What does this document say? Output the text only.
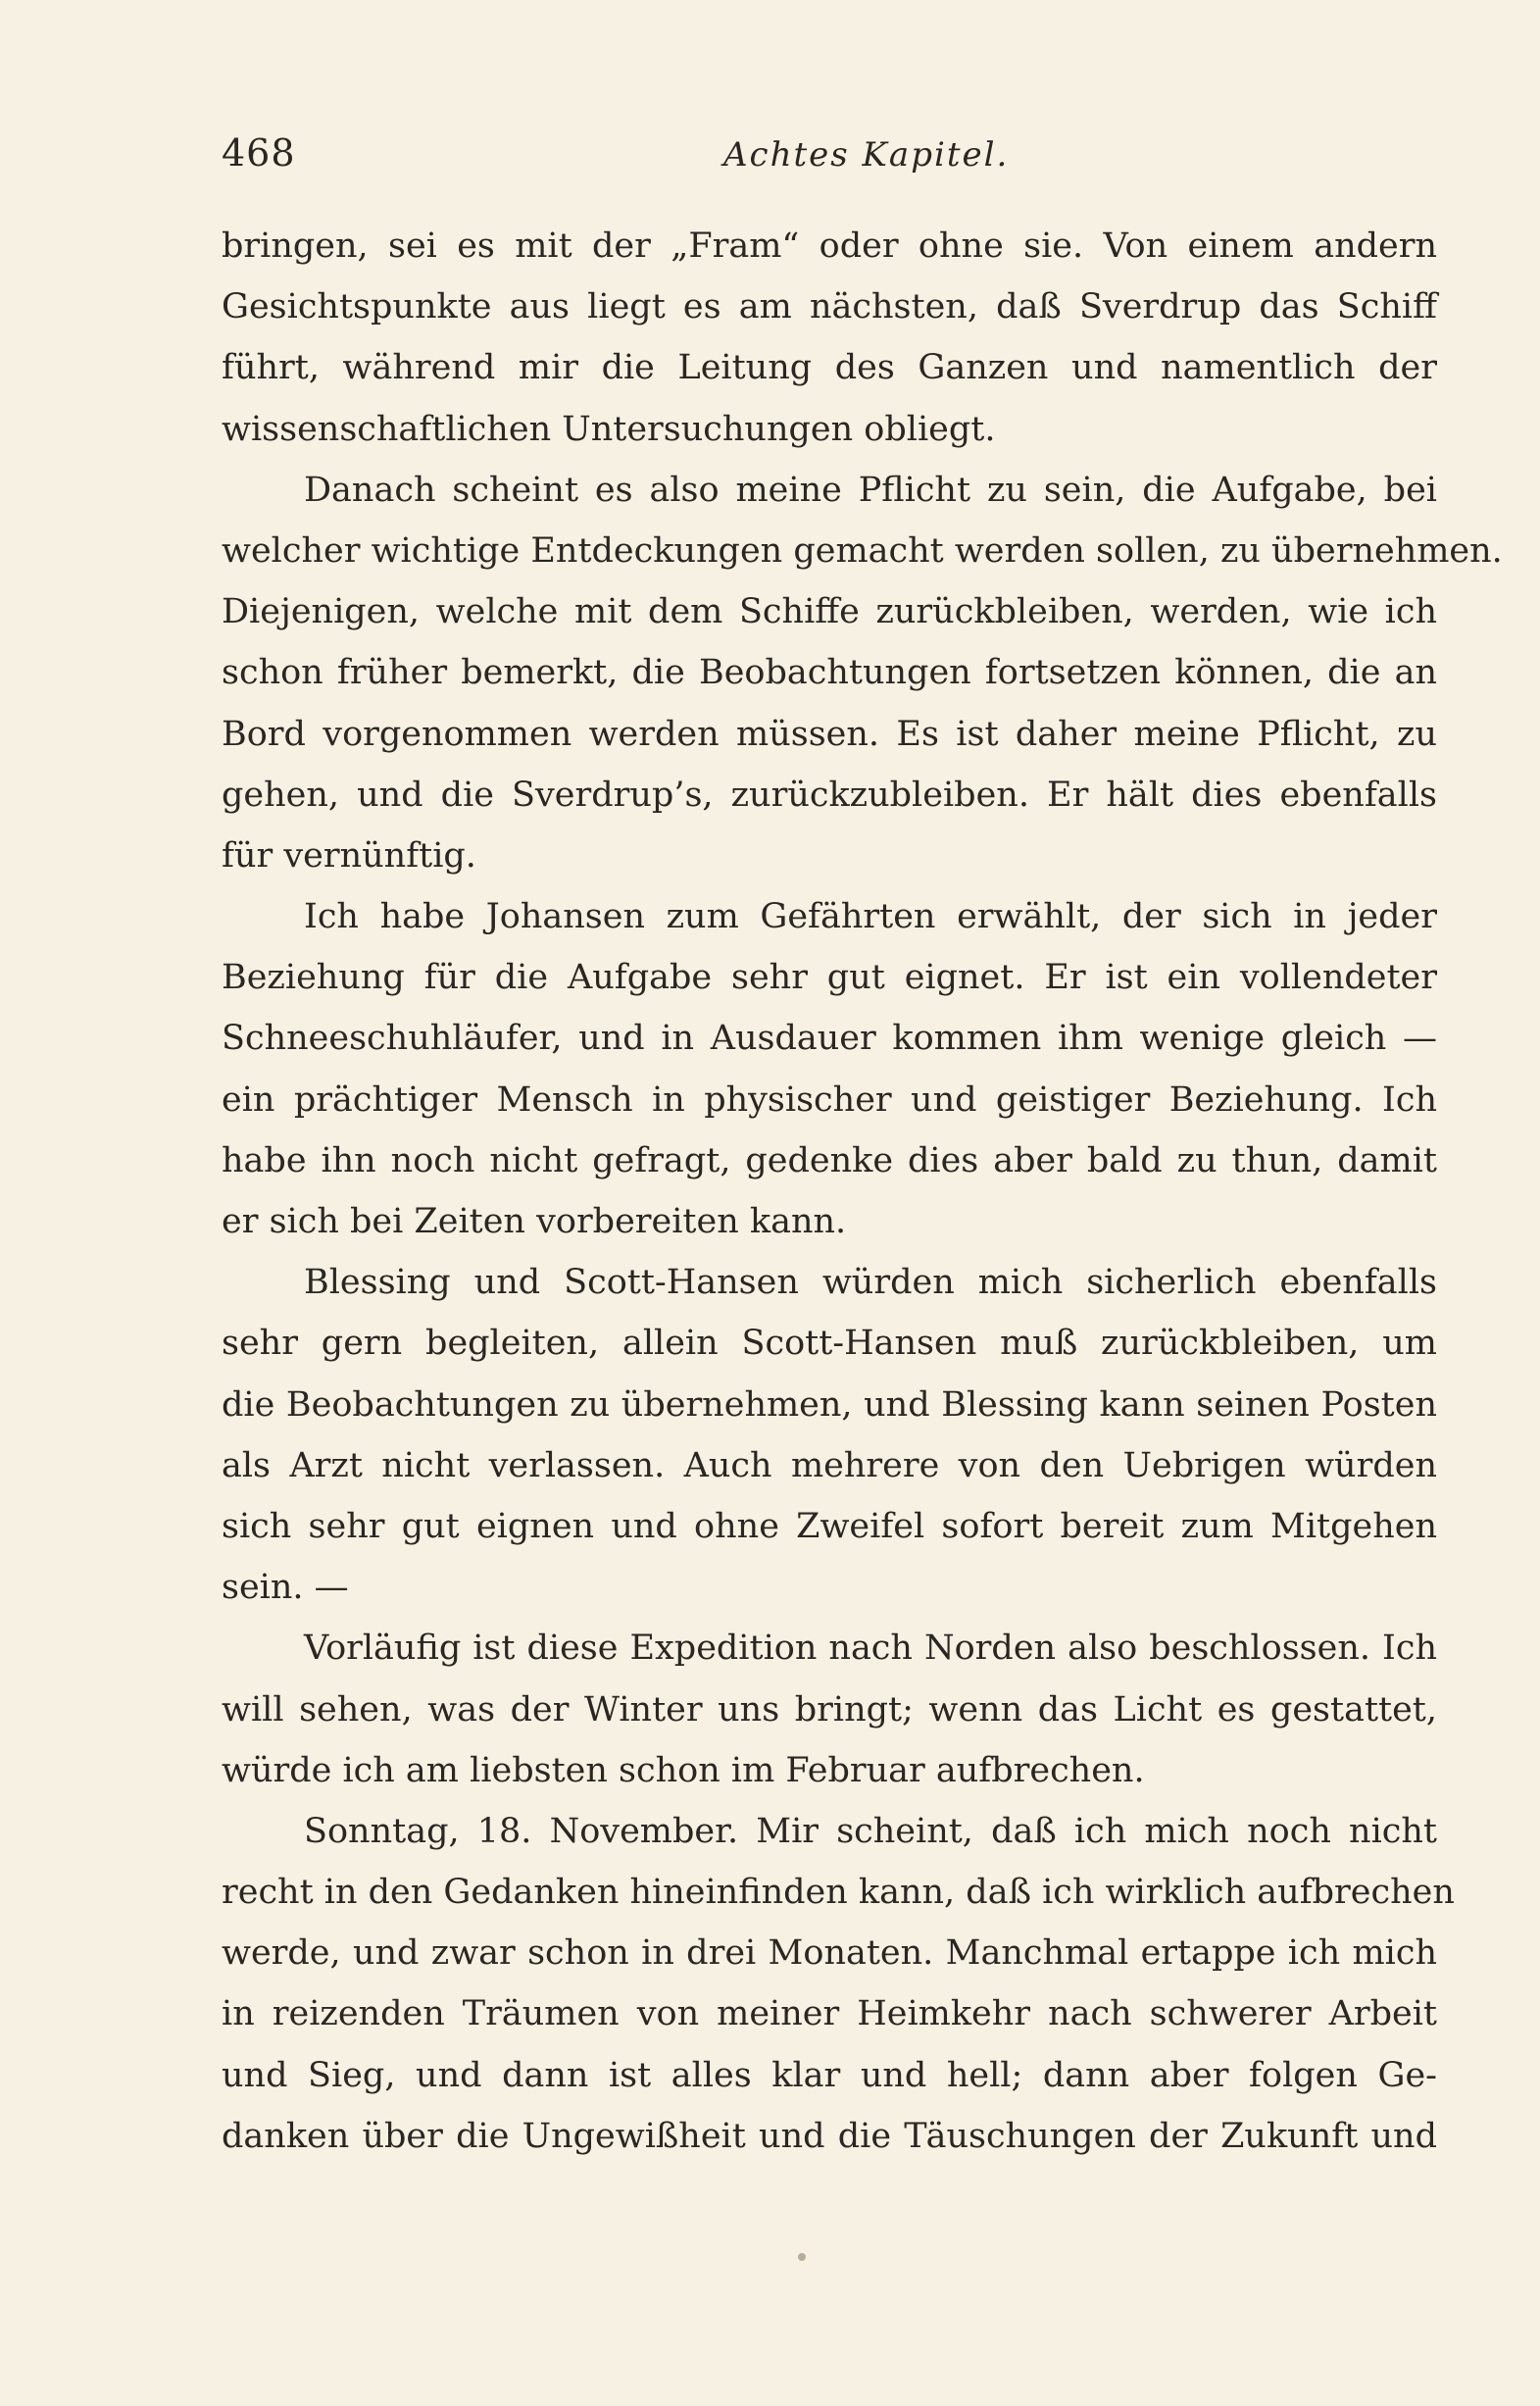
468	Achtes Kapitel.
bringen, sei es mit der „Fram“ oder ohne sie. Von einem andern
Gesichtspunkte aus liegt es am nächsten, daß Sverdrup das Schiff
führt, während mir die Leitung des Ganzen und namentlich der
wissenschaftlichen Untersuchungen obliegt.
Danach scheint es also meine Pflicht zu sein, die Aufgabe, bei
welcher wichtige Entdeckungen gemacht werden sollen, zu übernehmen.
Diejenigen, welche mit dem Schiffe zurückbleiben, werden, wie ich
schon früher bemerkt, die Beobachtungen fortsetzen können, die an
Bord vorgenommen werden müssen. Es ist daher meine Pflicht, zu
gehen, und die Sverdrup’s, zurückzubleiben. Er hält dies ebenfalls
für vernünftig.
Ich habe Johansen zum Gefährten erwählt, der sich in jeder
Beziehung für die Aufgabe sehr gut eignet. Er ist ein vollendeter
Schneeschuhläufer, und in Ausdauer kommen ihm wenige gleich —
ein prächtiger Mensch in physischer und geistiger Beziehung. Ich
habe ihn noch nicht gefragt, gedenke dies aber bald zu thun, damit
er sich bei Zeiten vorbereiten kann.
Blessing und Scott-Hansen würden mich sicherlich ebenfalls
sehr gern begleiten, allein Scott-Hansen muß zurückbleiben, um
die Beobachtungen zu übernehmen, und Blessing kann seinen Posten
als Arzt nicht verlassen. Auch mehrere von den Uebrigen würden
sich sehr gut eignen und ohne Zweifel sofort bereit zum Mitgehen
sein. —
Vorläufig ist diese Expedition nach Norden also beschlossen. Ich
will sehen, was der Winter uns bringt; wenn das Licht es gestattet,
würde ich am liebsten schon im Februar aufbrechen.
Sonntag, 18. November. Mir scheint, daß ich mich noch nicht
recht in den Gedanken hineinfinden kann, daß ich wirklich aufbrechen
werde, und zwar schon in drei Monaten. Manchmal ertappe ich mich
in reizenden Träumen von meiner Heimkehr nach schwerer Arbeit
und Sieg, und dann ist alles klar und hell; dann aber folgen Ge-
danken über die Ungewißheit und die Täuschungen der Zukunft und
